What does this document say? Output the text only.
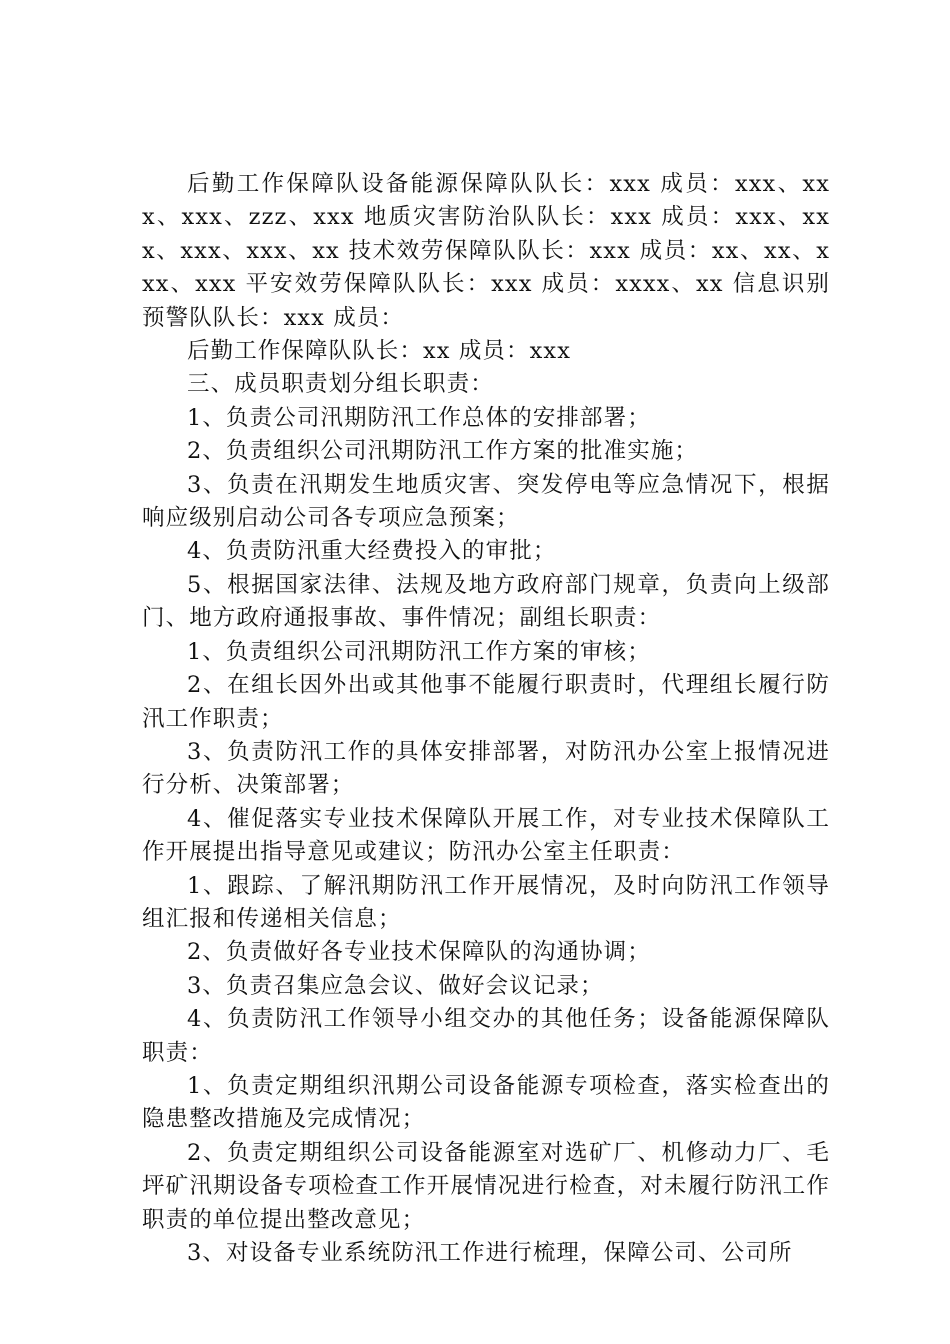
后勤工作保障队设备能源保障队队长：xxx 成员：xxx、xxx、xxx、zzz、xxx 地质灾害防治队队长：xxx 成员：xxx、xxx、xxx、xxx、xx 技术效劳保障队队长：xxx 成员：xx、xx、xxx、xxx 平安效劳保障队队长：xxx 成员：xxxx、xx 信息识别预警队队长：xxx 成员：

后勤工作保障队队长：xx 成员：xxx

三、成员职责划分组长职责：

1、负责公司汛期防汛工作总体的安排部署；

2、负责组织公司汛期防汛工作方案的批准实施；

3、负责在汛期发生地质灾害、突发停电等应急情况下，根据响应级别启动公司各专项应急预案；

4、负责防汛重大经费投入的审批；

5、根据国家法律、法规及地方政府部门规章，负责向上级部门、地方政府通报事故、事件情况；副组长职责：

1、负责组织公司汛期防汛工作方案的审核；

2、在组长因外出或其他事不能履行职责时，代理组长履行防汛工作职责；

3、负责防汛工作的具体安排部署，对防汛办公室上报情况进行分析、决策部署；

4、催促落实专业技术保障队开展工作，对专业技术保障队工作开展提出指导意见或建议；防汛办公室主任职责：

1、跟踪、了解汛期防汛工作开展情况，及时向防汛工作领导组汇报和传递相关信息；

2、负责做好各专业技术保障队的沟通协调；

3、负责召集应急会议、做好会议记录；

4、负责防汛工作领导小组交办的其他任务；设备能源保障队职责：

1、负责定期组织汛期公司设备能源专项检查，落实检查出的隐患整改措施及完成情况；

2、负责定期组织公司设备能源室对选矿厂、机修动力厂、毛坪矿汛期设备专项检查工作开展情况进行检查，对未履行防汛工作职责的单位提出整改意见；

3、对设备专业系统防汛工作进行梳理，保障公司、公司所
